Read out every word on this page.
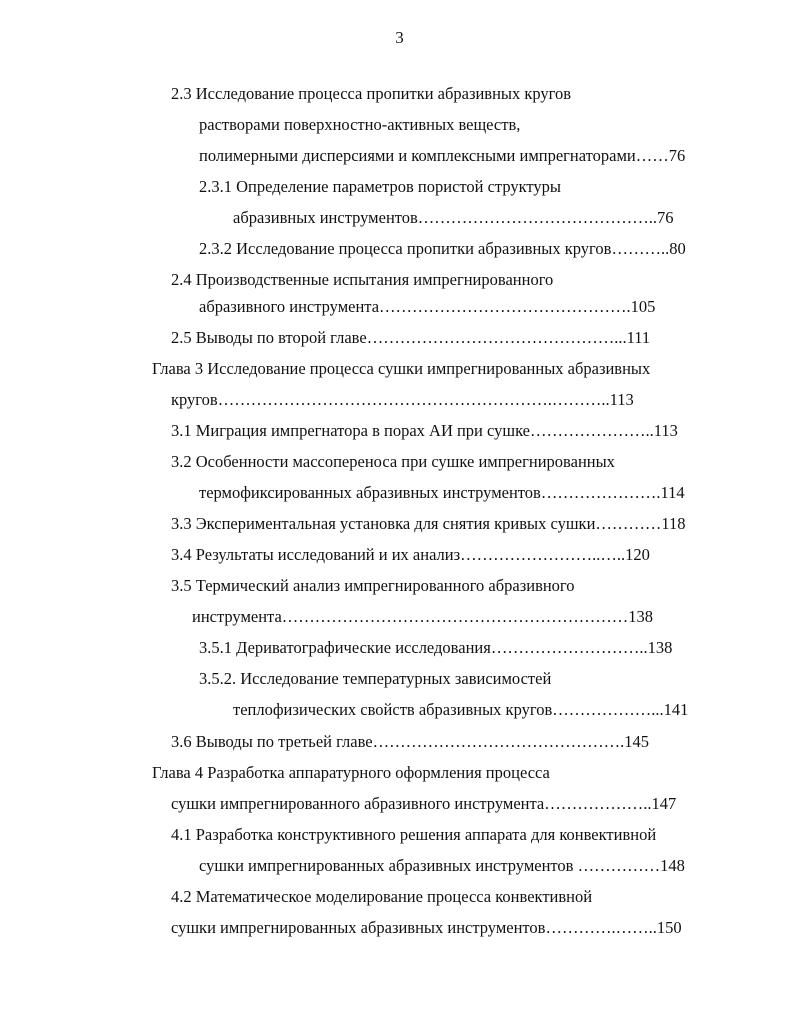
3
2.3 Исследование процесса пропитки абразивных кругов
растворами поверхностно-активных веществ,
полимерными дисперсиями и комплексными импрегнаторами……76
2.3.1 Определение параметров пористой структуры
абразивных инструментов……………………………………..76
2.3.2 Исследование процесса пропитки абразивных кругов………..80
2.4 Производственные испытания импрегнированного
абразивного инструмента……………………………………….105
2.5 Выводы по второй главе………………………………………...111
Глава 3 Исследование процесса сушки импрегнированных абразивных
кругов…………………………………………………….………..113
3.1 Миграция импрегнатора в порах АИ при сушке…………………..113
3.2 Особенности массопереноса при сушке импрегнированных
термофиксированных абразивных инструментов………………….114
3.3 Экспериментальная установка для снятия кривых сушки…………118
3.4 Результаты исследований и их анализ……………………..…..120
3.5 Термический анализ импрегнированного абразивного
инструмента………………………………………………………138
3.5.1 Дериватографические исследования………………………..138
3.5.2. Исследование температурных зависимостей
теплофизических свойств абразивных кругов………………...141
3.6 Выводы по третьей главе……………………………………….145
Глава 4 Разработка аппаратурного оформления процесса
сушки импрегнированного абразивного инструмента………………..147
4.1 Разработка конструктивного решения аппарата для конвективной
сушки импрегнированных абразивных инструментов ……………148
4.2 Математическое моделирование процесса конвективной
сушки импрегнированных абразивных инструментов………….……..150
